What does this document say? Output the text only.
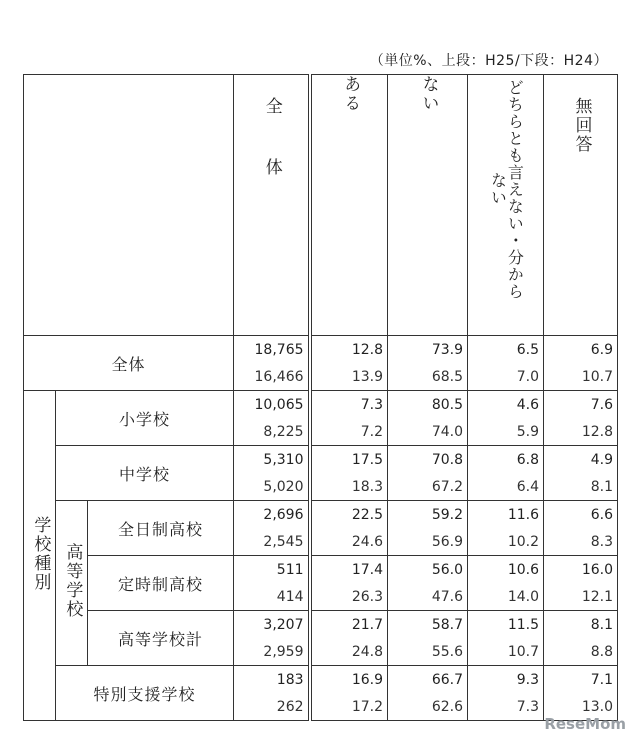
（単位%、上段：H25/下段：H24）
			全体	ある	ない	どちらとも言えない・分からない	無回答
全体			18,765	12.8	73.9	6.5	6.9
			16,466	13.9	68.5	7.0	10.7
学校種別	小学校		10,065	7.3	80.5	4.6	7.6
			8,225	7.2	74.0	5.9	12.8
	中学校		5,310	17.5	70.8	6.8	4.9
			5,020	18.3	67.2	6.4	8.1
	高等学校	全日制高校	2,696	22.5	59.2	11.6	6.6
			2,545	24.6	56.9	10.2	8.3
		定時制高校	511	17.4	56.0	10.6	16.0
			414	26.3	47.6	14.0	12.1
		高等学校計	3,207	21.7	58.7	11.5	8.1
			2,959	24.8	55.6	10.7	8.8
	特別支援学校		183	16.9	66.7	9.3	7.1
			262	17.2	62.6	7.3	13.0
ReseMom
